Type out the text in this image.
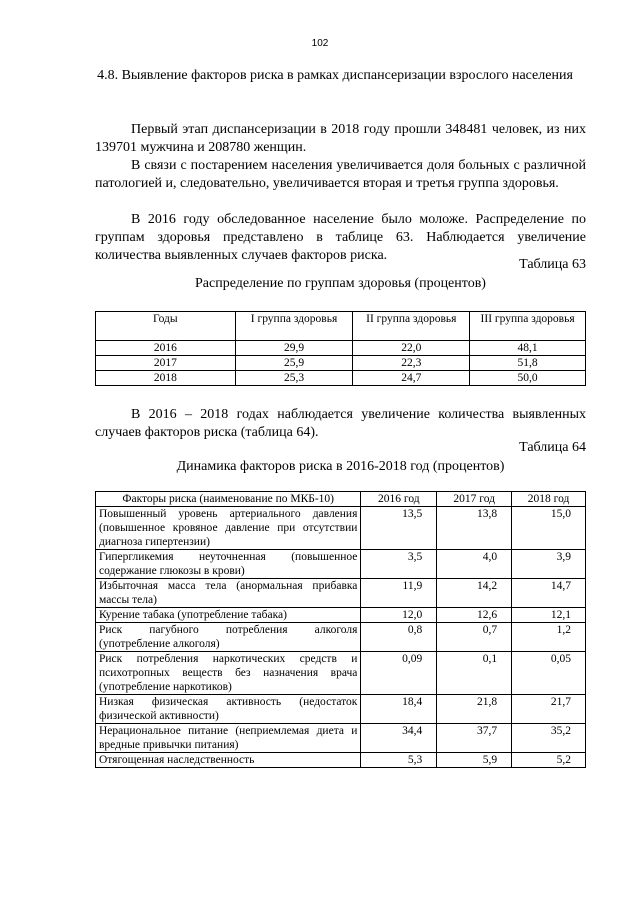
102
4.8. Выявление факторов риска в рамках диспансеризации взрослого населения

Первый этап диспансеризации в 2018 году прошли 348481 человек, из них 139701 мужчина и 208780 женщин.

В связи с постарением населения увеличивается доля больных с различной патологией и, следовательно, увеличивается вторая и третья группа здоровья.

В 2016 году обследованное население было моложе. Распределение по группам здоровья представлено в таблице 63. Наблюдается увеличение количества выявленных случаев факторов риска.

Таблица 63
Распределение по группам здоровья (процентов)
Годы	I группа здоровья	II группа здоровья	III группа здоровья
2016	29,9	22,0	48,1
2017	25,9	22,3	51,8
2018	25,3	24,7	50,0

В 2016 – 2018 годах наблюдается увеличение количества выявленных случаев факторов риска (таблица 64).

Таблица 64
Динамика факторов риска в 2016-2018 год (процентов)
Факторы риска (наименование по МКБ-10)	2016 год	2017 год	2018 год
Повышенный уровень артериального давления (повышенное кровяное давление при отсутствии диагноза гипертензии)	13,5	13,8	15,0
Гипергликемия неуточненная (повышенное содержание глюкозы в крови)	3,5	4,0	3,9
Избыточная масса тела (анормальная прибавка массы тела)	11,9	14,2	14,7
Курение табака (употребление табака)	12,0	12,6	12,1
Риск пагубного потребления алкоголя (употребление алкоголя)	0,8	0,7	1,2
Риск потребления наркотических средств и психотропных веществ без назначения врача (употребление наркотиков)	0,09	0,1	0,05
Низкая физическая активность (недостаток физической активности)	18,4	21,8	21,7
Нерациональное питание (неприемлемая диета и вредные привычки питания)	34,4	37,7	35,2
Отягощенная наследственность	5,3	5,9	5,2
